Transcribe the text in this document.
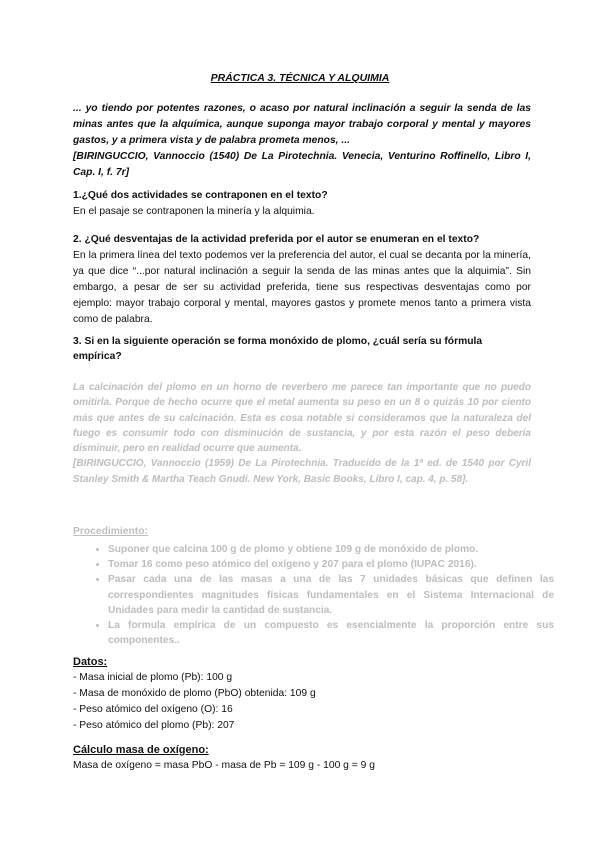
PRÁCTICA 3. TÉCNICA Y ALQUIMIA
... yo tiendo por potentes razones, o acaso por natural inclinación a seguir la senda de las minas antes que la alquímica, aunque suponga mayor trabajo corporal y mental y mayores gastos, y a primera vista y de palabra prometa menos, ...
[BIRINGUCCIO, Vannoccio (1540) De La Pirotechnia. Venecia, Venturino Roffinello, Libro I, Cap. I, f. 7r]
1.¿Qué dos actividades se contraponen en el texto?
En el pasaje se contraponen la minería y la alquimia.
2. ¿Qué desventajas de la actividad preferida por el autor se enumeran en el texto?
En la primera línea del texto podemos ver la preferencia del autor, el cual se decanta por la minería, ya que dice “...por natural inclinación a seguir la senda de las minas antes que la alquimia”. Sin embargo, a pesar de ser su actividad preferida, tiene sus respectivas desventajas como por ejemplo: mayor trabajo corporal y mental, mayores gastos y promete menos tanto a primera vista como de palabra.
3. Si en la siguiente operación se forma monóxido de plomo, ¿cuál sería su fórmula empírica?
La calcinación del plomo en un horno de reverbero me parece tan importante que no puedo omitirla. Porque de hecho ocurre que el metal aumenta su peso en un 8 o quizás 10 por ciento más que antes de su calcinación. Esta es cosa notable si consideramos que la naturaleza del fuego es consumir todo con disminución de sustancia, y por esta razón el peso debería disminuir, pero en realidad ocurre que aumenta.
[BIRINGUCCIO, Vannoccio (1959) De La Pirotechnia. Traducido de la 1ª ed. de 1540 por Cyril Stanley Smith & Martha Teach Gnudi. New York, Basic Books, Libro I, cap. 4, p. 58].
Procedimiento:
• Suponer que calcina 100 g de plomo y obtiene 109 g de monóxido de plomo.
• Tomar 16 como peso atómico del oxígeno y 207 para el plomo (IUPAC 2016).
• Pasar cada una de las masas a una de las 7 unidades básicas que definen las correspondientes magnitudes físicas fundamentales en el Sistema Internacional de Unidades para medir la cantidad de sustancia.
• La formula empírica de un compuesto es esencialmente la proporción entre sus componentes..
Datos:
- Masa inicial de plomo (Pb): 100 g
- Masa de monóxido de plomo (PbO) obtenida: 109 g
- Peso atómico del oxígeno (O): 16
- Peso atómico del plomo (Pb): 207
Cálculo masa de oxígeno:
Masa de oxígeno = masa PbO - masa de Pb = 109 g - 100 g = 9 g
